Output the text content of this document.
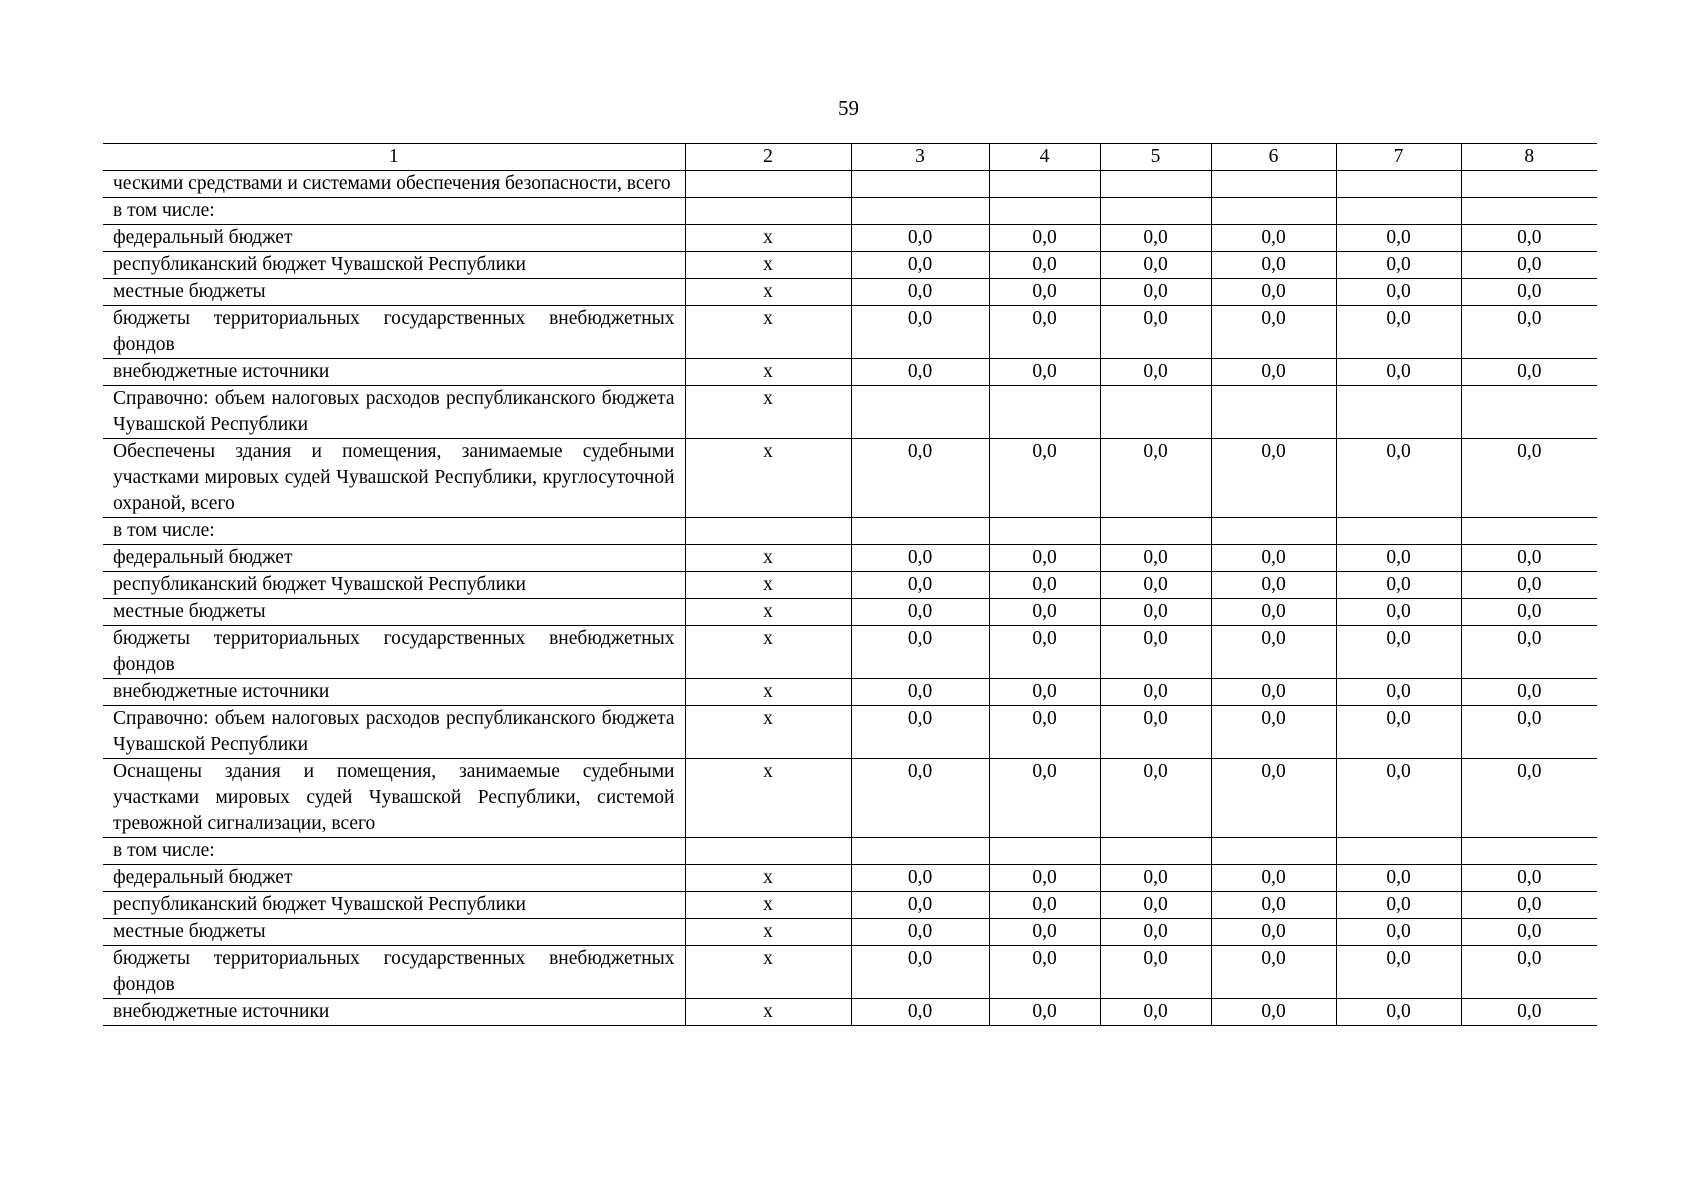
59
1	2	3	4	5	6	7	8
ческими средствами и системами обеспечения безопасности, всего							
в том числе:							
федеральный бюджет	x	0,0	0,0	0,0	0,0	0,0	0,0
республиканский бюджет Чувашской Республики	x	0,0	0,0	0,0	0,0	0,0	0,0
местные бюджеты	x	0,0	0,0	0,0	0,0	0,0	0,0
бюджеты территориальных государственных внебюджетных фондов	x	0,0	0,0	0,0	0,0	0,0	0,0
внебюджетные источники	x	0,0	0,0	0,0	0,0	0,0	0,0
Справочно: объем налоговых расходов республиканского бюджета Чувашской Республики	x						
Обеспечены здания и помещения, занимаемые судебными участками мировых судей Чувашской Республики, круглосуточной охраной, всего	x	0,0	0,0	0,0	0,0	0,0	0,0
в том числе:							
федеральный бюджет	x	0,0	0,0	0,0	0,0	0,0	0,0
республиканский бюджет Чувашской Республики	x	0,0	0,0	0,0	0,0	0,0	0,0
местные бюджеты	x	0,0	0,0	0,0	0,0	0,0	0,0
бюджеты территориальных государственных внебюджетных фондов	x	0,0	0,0	0,0	0,0	0,0	0,0
внебюджетные источники	x	0,0	0,0	0,0	0,0	0,0	0,0
Справочно: объем налоговых расходов республиканского бюджета Чувашской Республики	x	0,0	0,0	0,0	0,0	0,0	0,0
Оснащены здания и помещения, занимаемые судебными участками мировых судей Чувашской Республики, системой тревожной сигнализации, всего	x	0,0	0,0	0,0	0,0	0,0	0,0
в том числе:							
федеральный бюджет	x	0,0	0,0	0,0	0,0	0,0	0,0
республиканский бюджет Чувашской Республики	x	0,0	0,0	0,0	0,0	0,0	0,0
местные бюджеты	x	0,0	0,0	0,0	0,0	0,0	0,0
бюджеты территориальных государственных внебюджетных фондов	x	0,0	0,0	0,0	0,0	0,0	0,0
внебюджетные источники	x	0,0	0,0	0,0	0,0	0,0	0,0
